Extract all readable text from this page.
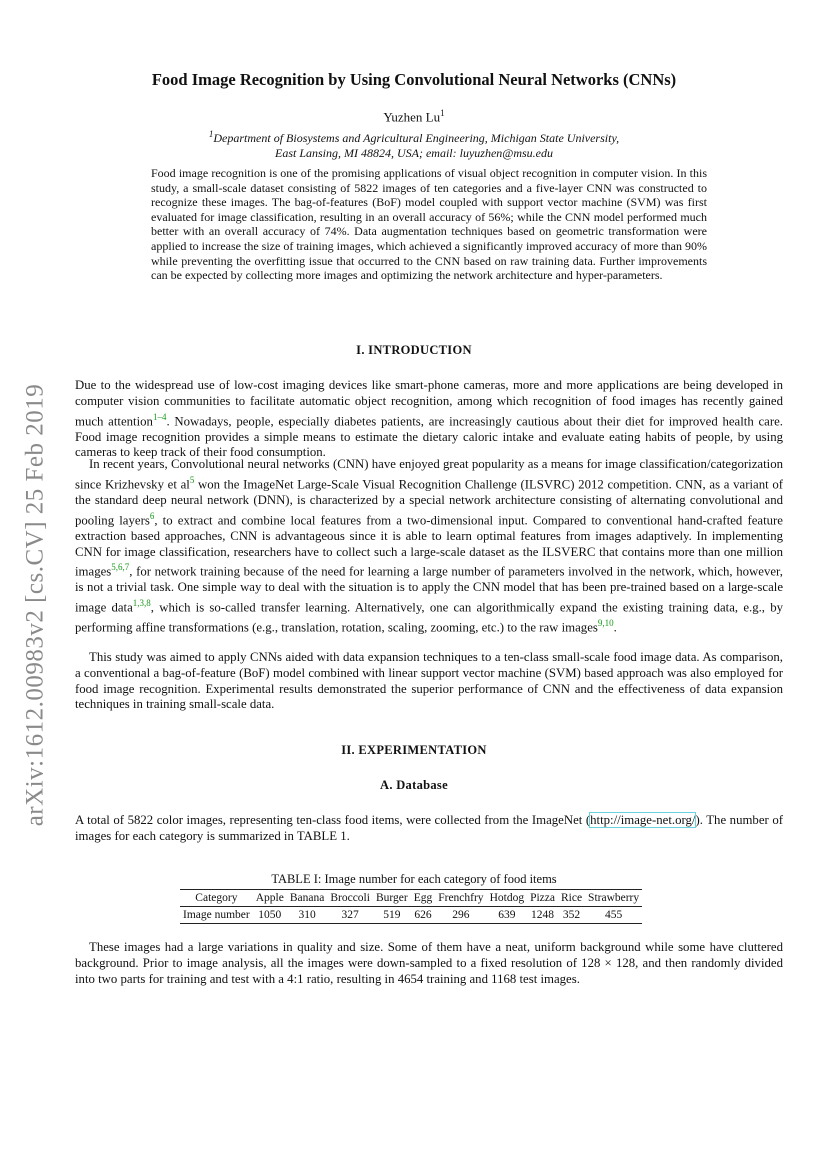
arXiv:1612.00983v2 [cs.CV] 25 Feb 2019
Food Image Recognition by Using Convolutional Neural Networks (CNNs)
Yuzhen Lu$^1$
$^1$Department of Biosystems and Agricultural Engineering, Michigan State University,
East Lansing, MI 48824, USA; email: luyuzhen@msu.edu
Food image recognition is one of the promising applications of visual object recognition in computer vision. In this study, a small-scale dataset consisting of 5822 images of ten categories and a five-layer CNN was constructed to recognize these images. The bag-of-features (BoF) model coupled with support vector machine (SVM) was first evaluated for image classification, resulting in an overall accuracy of 56%; while the CNN model performed much better with an overall accuracy of 74%. Data augmentation techniques based on geometric transformation were applied to increase the size of training images, which achieved a significantly improved accuracy of more than 90% while preventing the overfitting issue that occurred to the CNN based on raw training data. Further improvements can be expected by collecting more images and optimizing the network architecture and hyper-parameters.
I. INTRODUCTION
Due to the widespread use of low-cost imaging devices like smart-phone cameras, more and more applications are being developed in computer vision communities to facilitate automatic object recognition, among which recognition of food images has recently gained much attention$^{1-4}$. Nowadays, people, especially diabetes patients, are increasingly cautious about their diet for improved health care. Food image recognition provides a simple means to estimate the dietary caloric intake and evaluate eating habits of people, by using cameras to keep track of their food consumption.
In recent years, Convolutional neural networks (CNN) have enjoyed great popularity as a means for image classification/categorization since Krizhevsky et al$^5$ won the ImageNet Large-Scale Visual Recognition Challenge (ILSVRC) 2012 competition. CNN, as a variant of the standard deep neural network (DNN), is characterized by a special network architecture consisting of alternating convolutional and pooling layers$^6$, to extract and combine local features from a two-dimensional input. Compared to conventional hand-crafted feature extraction based approaches, CNN is advantageous since it is able to learn optimal features from images adaptively. In implementing CNN for image classification, researchers have to collect such a large-scale dataset as the ILSVERC that contains more than one million images$^{5,6,7}$, for network training because of the need for learning a large number of parameters involved in the network, which, however, is not a trivial task. One simple way to deal with the situation is to apply the CNN model that has been pre-trained based on a large-scale image data$^{1,3,8}$, which is so-called transfer learning. Alternatively, one can algorithmically expand the existing training data, e.g., by performing affine transformations (e.g., translation, rotation, scaling, zooming, etc.) to the raw images$^{9,10}$.
This study was aimed to apply CNNs aided with data expansion techniques to a ten-class small-scale food image data. As comparison, a conventional a bag-of-feature (BoF) model combined with linear support vector machine (SVM) based approach was also employed for food image recognition. Experimental results demonstrated the superior performance of CNN and the effectiveness of data expansion techniques in training small-scale data.
II. EXPERIMENTATION
A. Database
A total of 5822 color images, representing ten-class food items, were collected from the ImageNet (http://image-net.org/). The number of images for each category is summarized in TABLE 1.
TABLE I: Image number for each category of food items
Category	Apple	Banana	Broccoli	Burger	Egg	Frenchfry	Hotdog	Pizza	Rice	Strawberry
Image number	1050	310	327	519	626	296	639	1248	352	455
These images had a large variations in quality and size. Some of them have a neat, uniform background while some have cluttered background. Prior to image analysis, all the images were down-sampled to a fixed resolution of 128 × 128, and then randomly divided into two parts for training and test with a 4:1 ratio, resulting in 4654 training and 1168 test images.
